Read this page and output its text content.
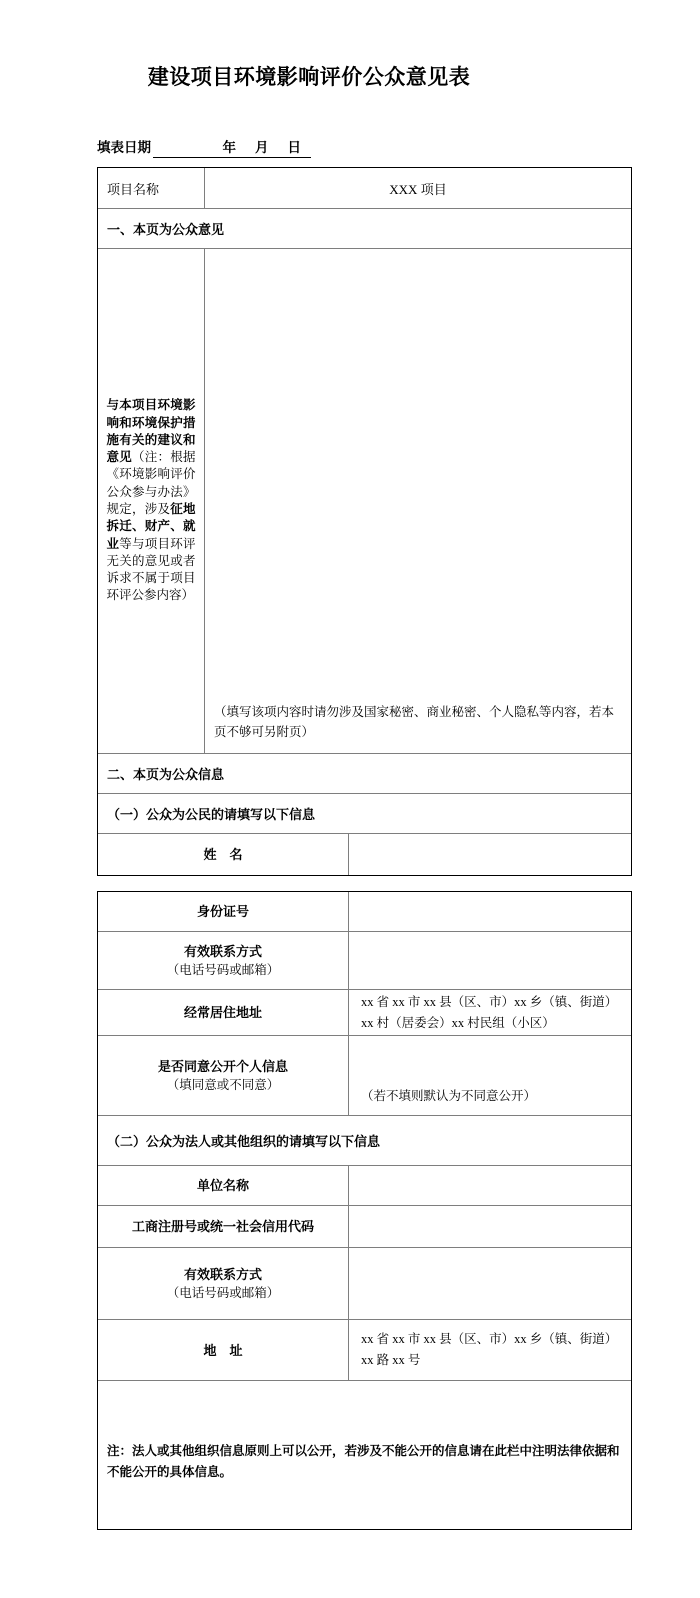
建设项目环境影响评价公众意见表
填表日期	年 月 日
项目名称	XXX 项目
一、本页为公众意见
与本项目环境影响和环境保护措施有关的建议和意见（注：根据《环境影响评价公众参与办法》规定，涉及征地拆迁、财产、就业等与项目环评无关的意见或者诉求不属于项目环评公参内容）
（填写该项内容时请勿涉及国家秘密、商业秘密、个人隐私等内容，若本页不够可另附页）
二、本页为公众信息
（一）公众为公民的请填写以下信息
姓　名
身份证号
有效联系方式
（电话号码或邮箱）
经常居住地址
xx 省 xx 市 xx 县（区、市）xx 乡（镇、街道）xx 村（居委会）xx 村民组（小区）
是否同意公开个人信息
（填同意或不同意）
（若不填则默认为不同意公开）
（二）公众为法人或其他组织的请填写以下信息
单位名称
工商注册号或统一社会信用代码
有效联系方式
（电话号码或邮箱）
地　址
xx 省 xx 市 xx 县（区、市）xx 乡（镇、街道）xx 路 xx 号
注：法人或其他组织信息原则上可以公开，若涉及不能公开的信息请在此栏中注明法律依据和不能公开的具体信息。
